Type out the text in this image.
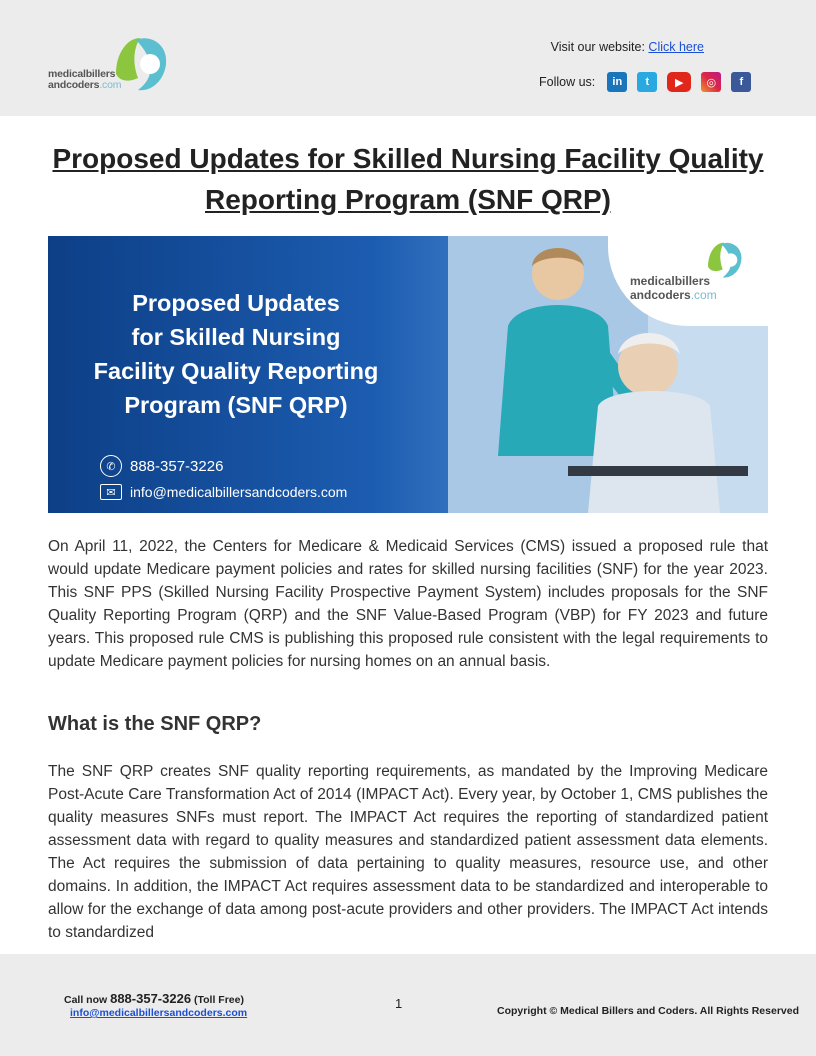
medicalbillers
andcoders.com
Visit our website: Click here
Follow us:	in	t	▶	◎	f
Proposed Updates for Skilled Nursing Facility Quality Reporting Program (SNF QRP)
Proposed Updates
for Skilled Nursing
Facility Quality Reporting
Program (SNF QRP)
✆ 888-357-3226
✉	info@medicalbillersandcoders.com
medicalbillers
andcoders.com

On April 11, 2022, the Centers for Medicare & Medicaid Services (CMS) issued a proposed rule that would update Medicare payment policies and rates for skilled nursing facilities (SNF) for the year 2023. This SNF PPS (Skilled Nursing Facility Prospective Payment System) includes proposals for the SNF Quality Reporting Program (QRP) and the SNF Value-Based Program (VBP) for FY 2023 and future years. This proposed rule CMS is publishing this proposed rule consistent with the legal requirements to update Medicare payment policies for nursing homes on an annual basis.

What is the SNF QRP?

The SNF QRP creates SNF quality reporting requirements, as mandated by the Improving Medicare Post-Acute Care Transformation Act of 2014 (IMPACT Act). Every year, by October 1, CMS publishes the quality measures SNFs must report. The IMPACT Act requires the reporting of standardized patient assessment data with regard to quality measures and standardized patient assessment data elements. The Act requires the submission of data pertaining to quality measures, resource use, and other domains. In addition, the IMPACT Act requires assessment data to be standardized and interoperable to allow for the exchange of data among post-acute providers and other providers. The IMPACT Act intends to standardized

Call now 888-357-3226 (Toll Free)
info@medicalbillersandcoders.com
1	Copyright © Medical Billers and Coders. All Rights Reserved
